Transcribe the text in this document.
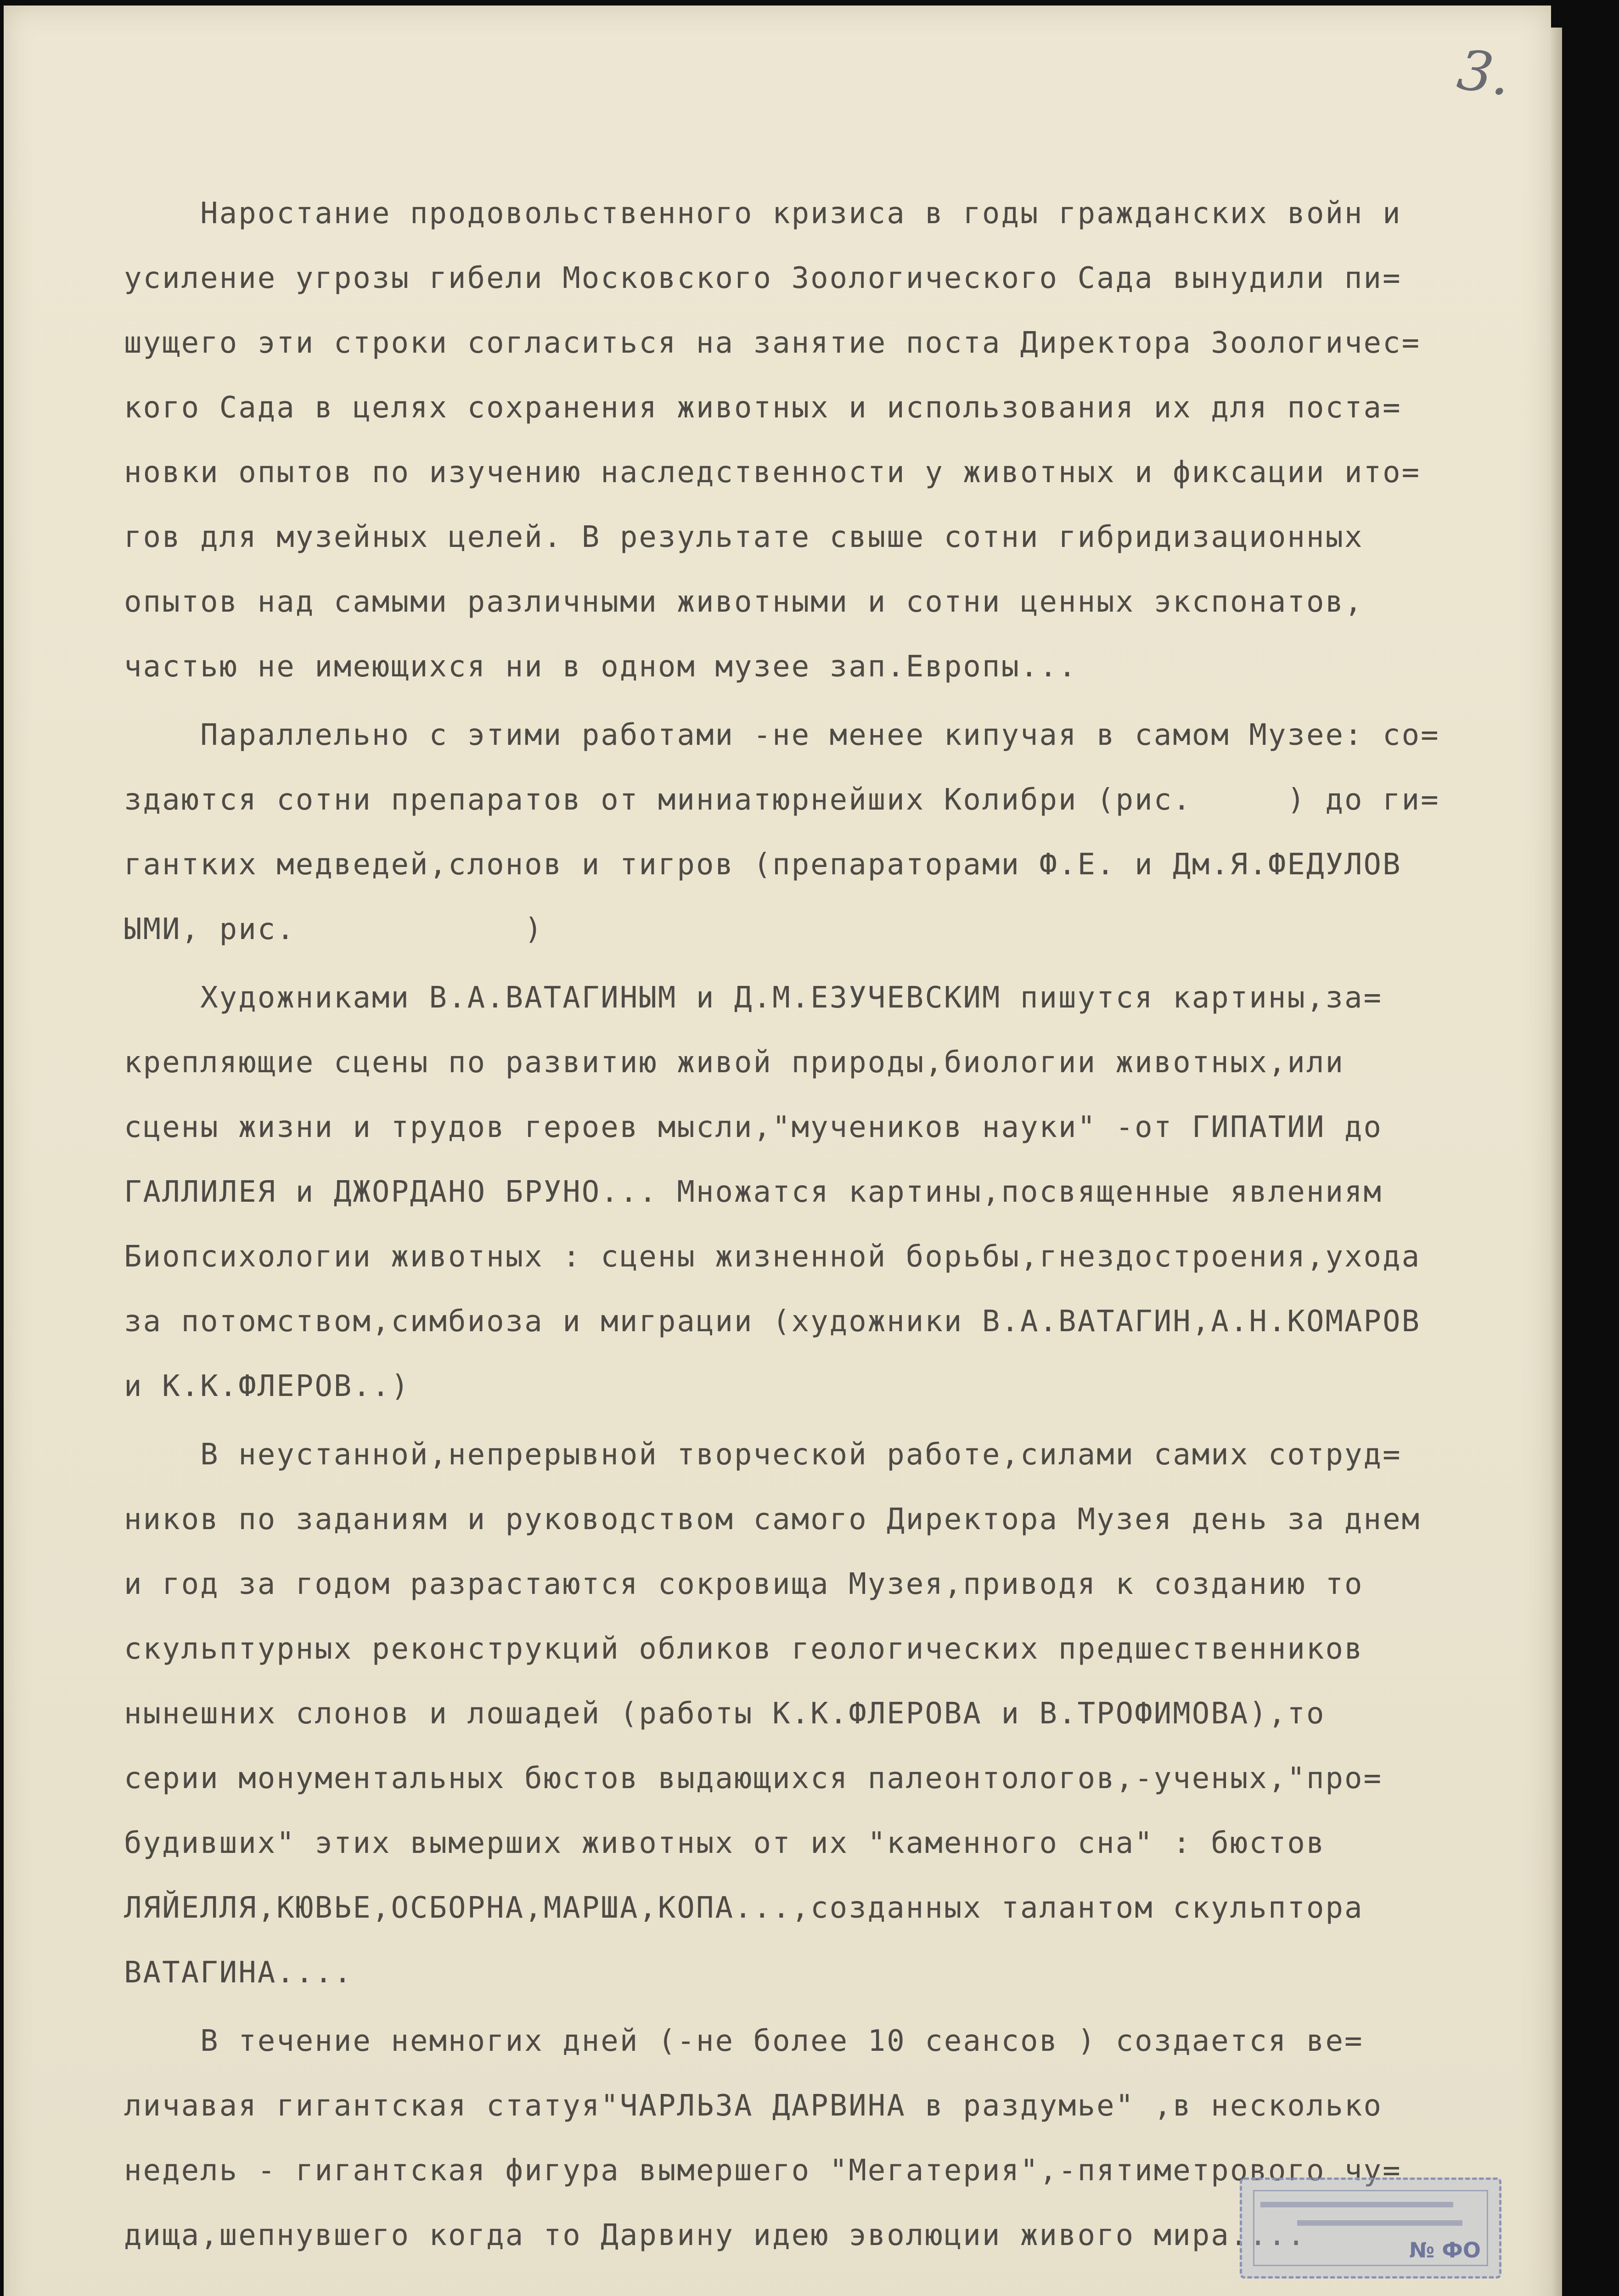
3.
Наростание продовольственного кризиса в годы гражданских войн и
усиление угрозы гибели Московского Зоологического Сада вынудили пи=
шущего эти строки согласиться на занятие поста Директора Зоологичес=
кого Сада в целях сохранения животных и использования их для поста=
новки опытов по изучению наследственности у животных и фиксации ито=
гов для музейных целей. В результате свыше сотни гибридизационных
опытов над самыми различными животными и сотни ценных экспонатов,
частью не имеющихся ни в одном музее зап.Европы...
Параллельно с этими работами -не менее кипучая в самом Музее: со=
здаются сотни препаратов от миниатюрнейших Колибри (рис.     ) до ги=
гантких медведей,слонов и тигров (препараторами Ф.Е. и Дм.Я.ФЕДУЛОВ
ЫМИ, рис.            )
Художниками В.А.ВАТАГИНЫМ и Д.М.ЕЗУЧЕВСКИМ пишутся картины,за=
крепляющие сцены по развитию живой природы,биологии животных,или
сцены жизни и трудов героев мысли,"мучеников науки" -от ГИПАТИИ до
ГАЛЛИЛЕЯ и ДЖОРДАНО БРУНО... Множатся картины,посвященные явлениям
Биопсихологии животных : сцены жизненной борьбы,гнездостроения,ухода
за потомством,симбиоза и миграции (художники В.А.ВАТАГИН,А.Н.КОМАРОВ
и К.К.ФЛЕРОВ..)
В неустанной,непрерывной творческой работе,силами самих сотруд=
ников по заданиям и руководством самого Директора Музея день за днем
и год за годом разрастаются сокровища Музея,приводя к созданию то
скульптурных реконструкций обликов геологических предшественников
нынешних слонов и лошадей (работы К.К.ФЛЕРОВА и В.ТРОФИМОВА),то
серии монументальных бюстов выдающихся палеонтологов,-ученых,"про=
будивших" этих вымерших животных от их "каменного сна" : бюстов
ЛЯЙЕЛЛЯ,КЮВЬЕ,ОСБОРНА,МАРША,КОПА...,созданных талантом скульптора
ВАТАГИНА....
В течение немногих дней (-не более 10 сеансов ) создается ве=
личавая гигантская статуя"ЧАРЛЬЗА ДАРВИНА в раздумье" ,в несколько
недель - гигантская фигура вымершего "Мегатерия",-пятиметрового чу=
дища,шепнувшего когда то Дарвину идею эволюции живого мира....	№ ФО
